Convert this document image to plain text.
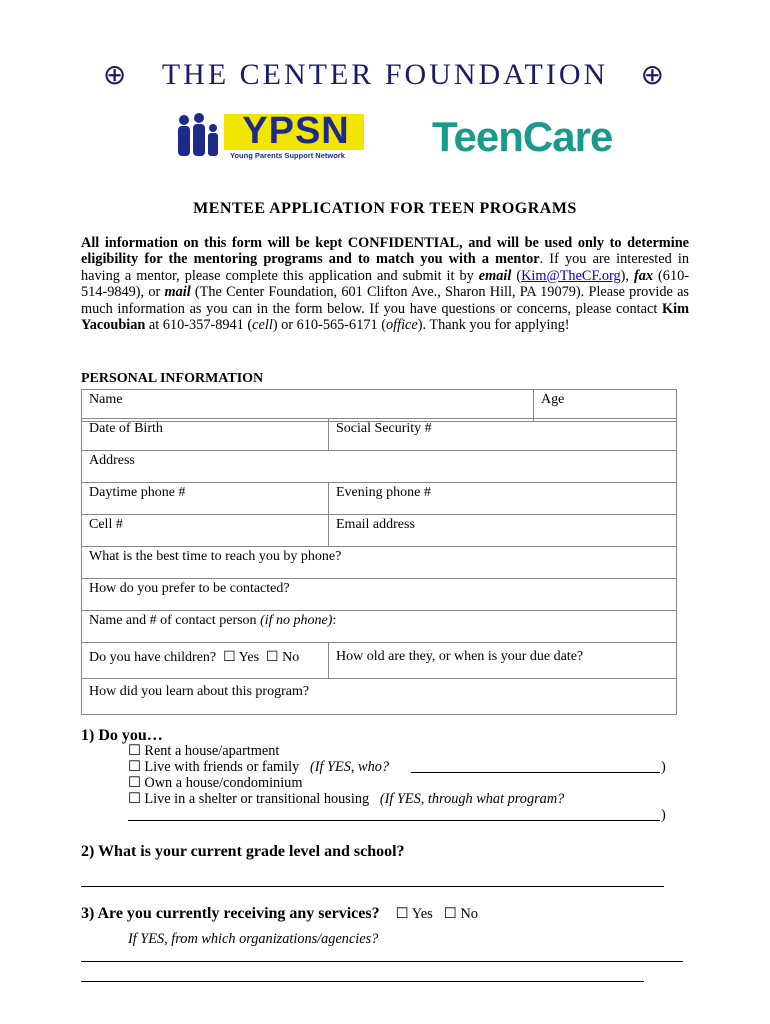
⊕ THE CENTER FOUNDATION ⊕
YPSN
Young Parents Support Network	TeenCare
MENTEE APPLICATION FOR TEEN PROGRAMS
All information on this form will be kept CONFIDENTIAL, and will be used only to determine eligibility for the mentoring programs and to match you with a mentor. If you are interested in having a mentor, please complete this application and submit it by email (Kim@TheCF.org), fax (610-514-9849), or mail (The Center Foundation, 601 Clifton Ave., Sharon Hill, PA 19079). Please provide as much information as you can in the form below. If you have questions or concerns, please contact Kim Yacoubian at 610-357-8941 (cell) or 610-565-6171 (office). Thank you for applying!
PERSONAL INFORMATION
Name	Age
Date of Birth	Social Security #
Address	
Daytime phone #	Evening phone #
Cell #	Email address
What is the best time to reach you by phone?	
How do you prefer to be contacted?	
Name and # of contact person (if no phone):	
Do you have children? ☐ Yes ☐ No	How old are they, or when is your due date?
How did you learn about this program?	
1) Do you…
☐ Rent a house/apartment
☐ Live with friends or family (If YES, who?	)
☐ Own a house/condominium
☐ Live in a shelter or transitional housing (If YES, through what program?
)
2) What is your current grade level and school?
3) Are you currently receiving any services? ☐ Yes ☐ No
If YES, from which organizations/agencies?
